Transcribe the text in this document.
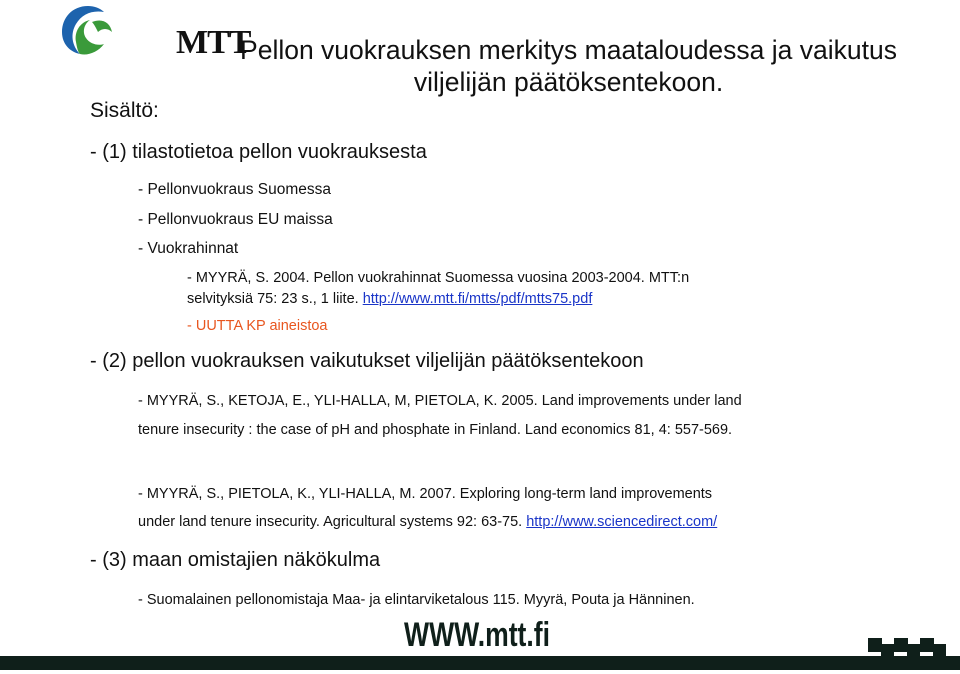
MTT
Pellon vuokrauksen merkitys maataloudessa ja vaikutus
viljelijän päätöksentekoon.
Sisältö:
- (1) tilastotietoa pellon vuokrauksesta
- Pellonvuokraus Suomessa
- Pellonvuokraus EU maissa
- Vuokrahinnat
- MYYRÄ, S. 2004. Pellon vuokrahinnat Suomessa vuosina 2003-2004. MTT:n
selvityksiä 75: 23 s., 1 liite. http://www.mtt.fi/mtts/pdf/mtts75.pdf
- UUTTA KP aineistoa
- (2) pellon vuokrauksen vaikutukset viljelijän päätöksentekoon
- MYYRÄ, S., KETOJA, E., YLI-HALLA, M, PIETOLA, K. 2005. Land improvements under land
tenure insecurity : the case of pH and phosphate in Finland. Land economics 81, 4: 557-569.
- MYYRÄ, S., PIETOLA, K., YLI-HALLA, M. 2007. Exploring long-term land improvements
under land tenure insecurity. Agricultural systems 92: 63-75. http://www.sciencedirect.com/
- (3) maan omistajien näkökulma
- Suomalainen pellonomistaja Maa- ja elintarviketalous 115. Myyrä, Pouta ja Hänninen.
WWW.mtt.fi
